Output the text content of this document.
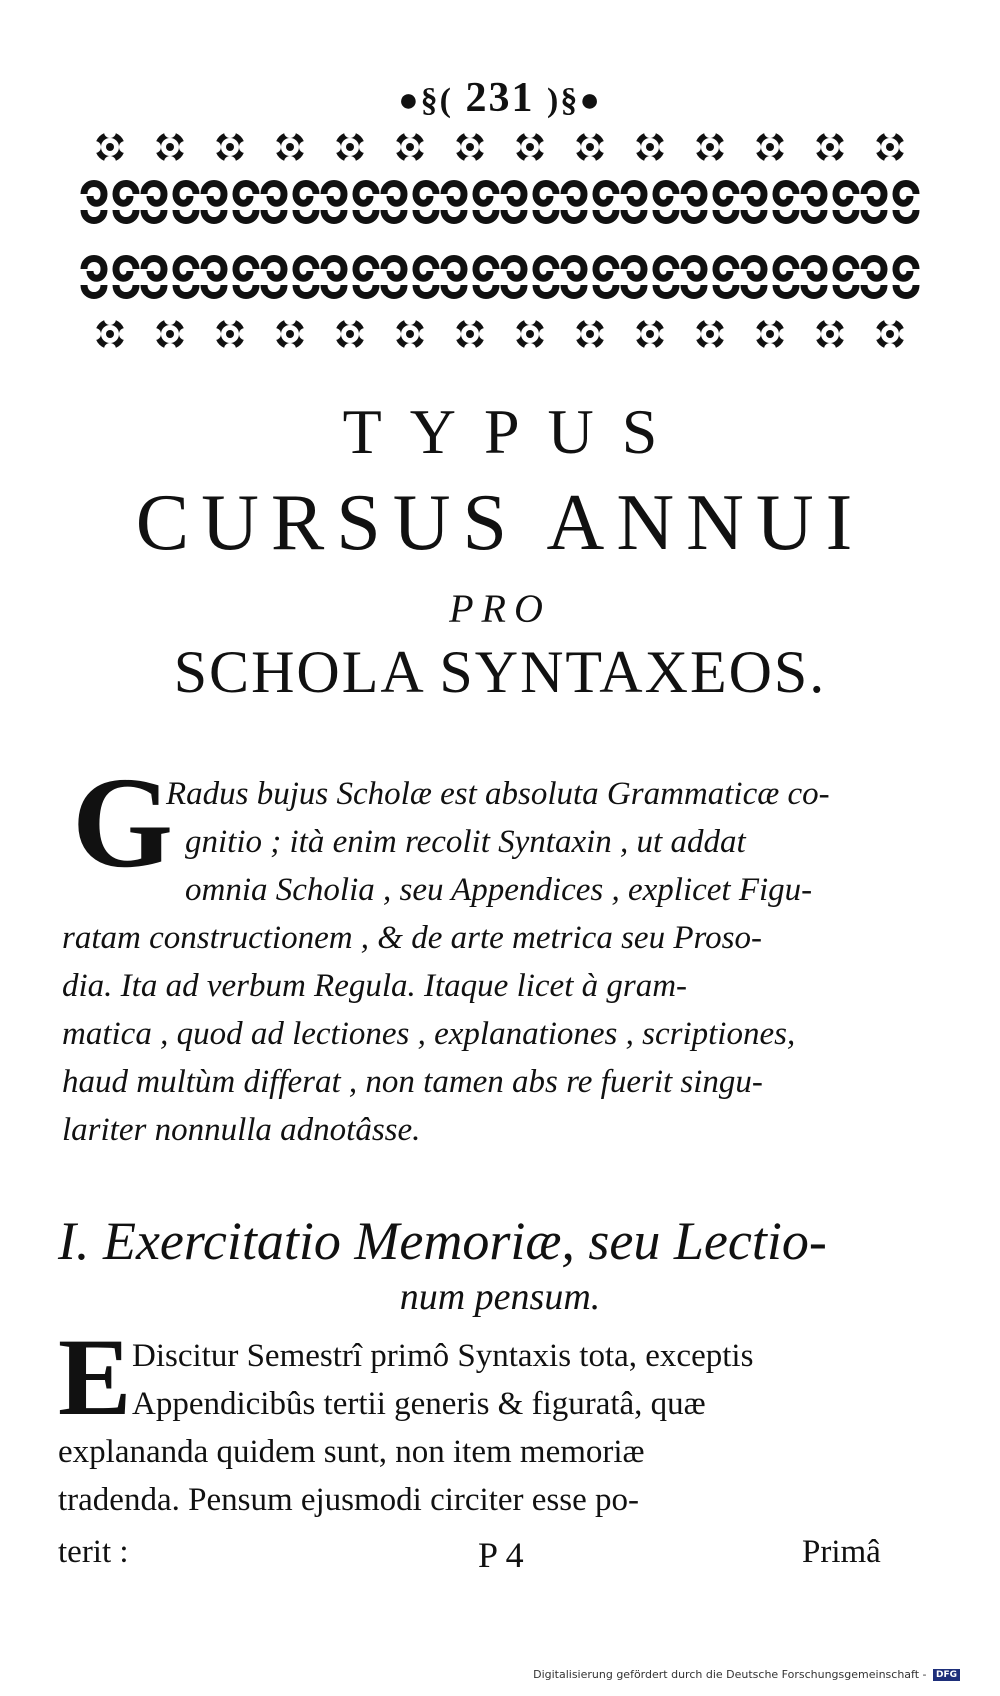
●§( 231 )§●
TYPUS
CURSUS ANNUI
PRO
SCHOLA SYNTAXEOS.
G
Radus bujus Scholæ est absoluta Grammaticæ co-
gnitio ; ità enim recolit Syntaxin , ut addat
omnia Scholia , seu Appendices , explicet Figu-
ratam constructionem , & de arte metrica seu Proso-
dia. Ita ad verbum Regula. Itaque licet à gram-
matica , quod ad lectiones , explanationes , scriptiones,
haud multùm differat , non tamen abs re fuerit singu-
lariter nonnulla adnotâsse.
I. Exercitatio Memoriæ, seu Lectio-
num pensum.
E Discitur Semestrî primô Syntaxis tota, exceptis
Appendicibûs tertii generis & figuratâ, quæ
explananda quidem sunt, non item memoriæ
tradenda. Pensum ejusmodi circiter esse po-
terit :	P 4	Primâ
Digitalisierung gefördert durch die Deutsche Forschungsgemeinschaft - DFG
